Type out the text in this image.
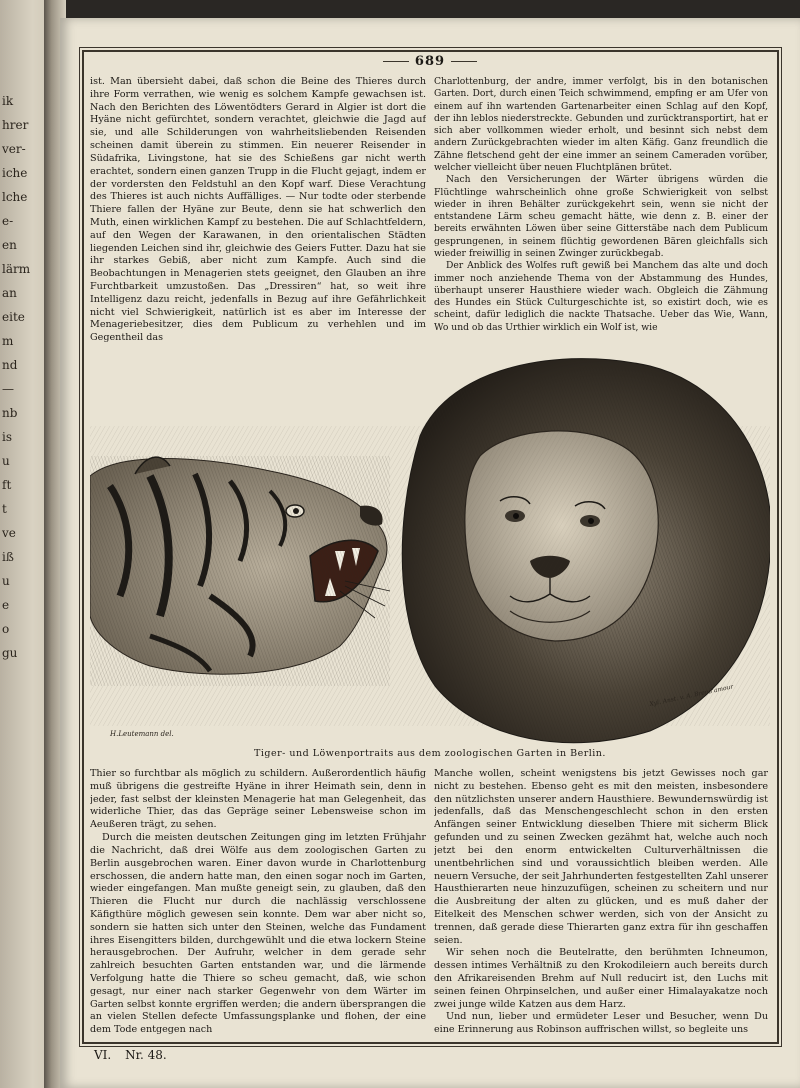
ik
hrer
ver-
iche
lche
e-
en
lärm
an
eite
m
nd
—
nb
is
u
ft
t
ve
iß
u
e
o
gu
689

ist. Man übersieht dabei, daß schon die Beine des Thieres durch ihre Form verrathen, wie wenig es solchem Kampfe gewachsen ist. Nach den Berichten des Löwentödters Gerard in Algier ist dort die Hyäne nicht gefürchtet, sondern verachtet, gleichwie die Jagd auf sie, und alle Schilderungen von wahrheitsliebenden Reisenden scheinen damit überein zu stimmen. Ein neuerer Reisender in Südafrika, Livingstone, hat sie des Schießens gar nicht werth erachtet, sondern einen ganzen Trupp in die Flucht gejagt, indem er der vordersten den Feldstuhl an den Kopf warf. Diese Verachtung des Thieres ist auch nichts Auffälliges. — Nur todte oder sterbende Thiere fallen der Hyäne zur Beute, denn sie hat schwerlich den Muth, einen wirklichen Kampf zu bestehen. Die auf Schlachtfeldern, auf den Wegen der Karawanen, in den orientalischen Städten liegenden Leichen sind ihr, gleichwie des Geiers Futter. Dazu hat sie ihr starkes Gebiß, aber nicht zum Kampfe. Auch sind die Beobachtungen in Menagerien stets geeignet, den Glauben an ihre Furchtbarkeit umzustoßen. Das „Dressiren“ hat, so weit ihre Intelligenz dazu reicht, jedenfalls in Bezug auf ihre Gefährlichkeit nicht viel Schwierigkeit, natürlich ist es aber im Interesse der Menageriebesitzer, dies dem Publicum zu verhehlen und im Gegentheil das

Charlottenburg, der andre, immer verfolgt, bis in den botanischen Garten. Dort, durch einen Teich schwimmend, empfing er am Ufer von einem auf ihn wartenden Gartenarbeiter einen Schlag auf den Kopf, der ihn leblos niederstreckte. Gebunden und zurücktransportirt, hat er sich aber vollkommen wieder erholt, und besinnt sich nebst dem andern Zurückgebrachten wieder im alten Käfig. Ganz freundlich die Zähne fletschend geht der eine immer an seinem Cameraden vorüber, welcher vielleicht über neuen Fluchtplänen brütet.

Nach den Versicherungen der Wärter übrigens würden die Flüchtlinge wahrscheinlich ohne große Schwierigkeit von selbst wieder in ihren Behälter zurückgekehrt sein, wenn sie nicht der entstandene Lärm scheu gemacht hätte, wie denn z. B. einer der bereits erwähnten Löwen über seine Gitterstäbe nach dem Publicum gesprungenen, in seinem flüchtig gewordenen Bären gleichfalls sich wieder freiwillig in seinen Zwinger zurückbegab.

Der Anblick des Wolfes ruft gewiß bei Manchem das alte und doch immer noch anziehende Thema von der Abstammung des Hundes, überhaupt unserer Hausthiere wieder wach. Obgleich die Zähmung des Hundes ein Stück Culturgeschichte ist, so existirt doch, wie es scheint, dafür lediglich die nackte Thatsache. Ueber das Wie, Wann, Wo und ob das Urthier wirklich ein Wolf ist, wie

H.Leutemann del.
Xyl. Anst. v. A. Brend'amour
Tiger- und Löwenportraits aus dem zoologischen Garten in Berlin.

Thier so furchtbar als möglich zu schildern. Außerordentlich häufig muß übrigens die gestreifte Hyäne in ihrer Heimath sein, denn in jeder, fast selbst der kleinsten Menagerie hat man Gelegenheit, das widerliche Thier, das das Gepräge seiner Lebensweise schon im Aeußeren trägt, zu sehen.

Durch die meisten deutschen Zeitungen ging im letzten Frühjahr die Nachricht, daß drei Wölfe aus dem zoologischen Garten zu Berlin ausgebrochen waren. Einer davon wurde in Charlottenburg erschossen, die andern hatte man, den einen sogar noch im Garten, wieder eingefangen. Man mußte geneigt sein, zu glauben, daß den Thieren die Flucht nur durch die nachlässig verschlossene Käfigthüre möglich gewesen sein konnte. Dem war aber nicht so, sondern sie hatten sich unter den Steinen, welche das Fundament ihres Eisengitters bilden, durchgewühlt und die etwa lockern Steine herausgebrochen. Der Aufruhr, welcher in dem gerade sehr zahlreich besuchten Garten entstanden war, und die lärmende Verfolgung hatte die Thiere so scheu gemacht, daß, wie schon gesagt, nur einer nach starker Gegenwehr von dem Wärter im Garten selbst konnte ergriffen werden; die andern übersprangen die an vielen Stellen defecte Umfassungsplanke und flohen, der eine dem Tode entgegen nach

Manche wollen, scheint wenigstens bis jetzt Gewisses noch gar nicht zu bestehen. Ebenso geht es mit den meisten, insbesondere den nützlichsten unserer andern Hausthiere. Bewundernswürdig ist jedenfalls, daß das Menschengeschlecht schon in den ersten Anfängen seiner Entwicklung dieselben Thiere mit sicherm Blick gefunden und zu seinen Zwecken gezähmt hat, welche auch noch jetzt bei den enorm entwickelten Culturverhältnissen die unentbehrlichen sind und voraussichtlich bleiben werden. Alle neuern Versuche, der seit Jahrhunderten festgestellten Zahl unserer Hausthierarten neue hinzuzufügen, scheinen zu scheitern und nur die Ausbreitung der alten zu glücken, und es muß daher der Eitelkeit des Menschen schwer werden, sich von der Ansicht zu trennen, daß gerade diese Thierarten ganz extra für ihn geschaffen seien.

Wir sehen noch die Beutelratte, den berühmten Ichneumon, dessen intimes Verhältniß zu den Krokodileiern auch bereits durch den Afrikareisenden Brehm auf Null reducirt ist, den Luchs mit seinen feinen Ohrpinselchen, und außer einer Himalayakatze noch zwei junge wilde Katzen aus dem Harz.

Und nun, lieber und ermüdeter Leser und Besucher, wenn Du eine Erinnerung aus Robinson auffrischen willst, so begleite uns

VI. Nr. 48.
